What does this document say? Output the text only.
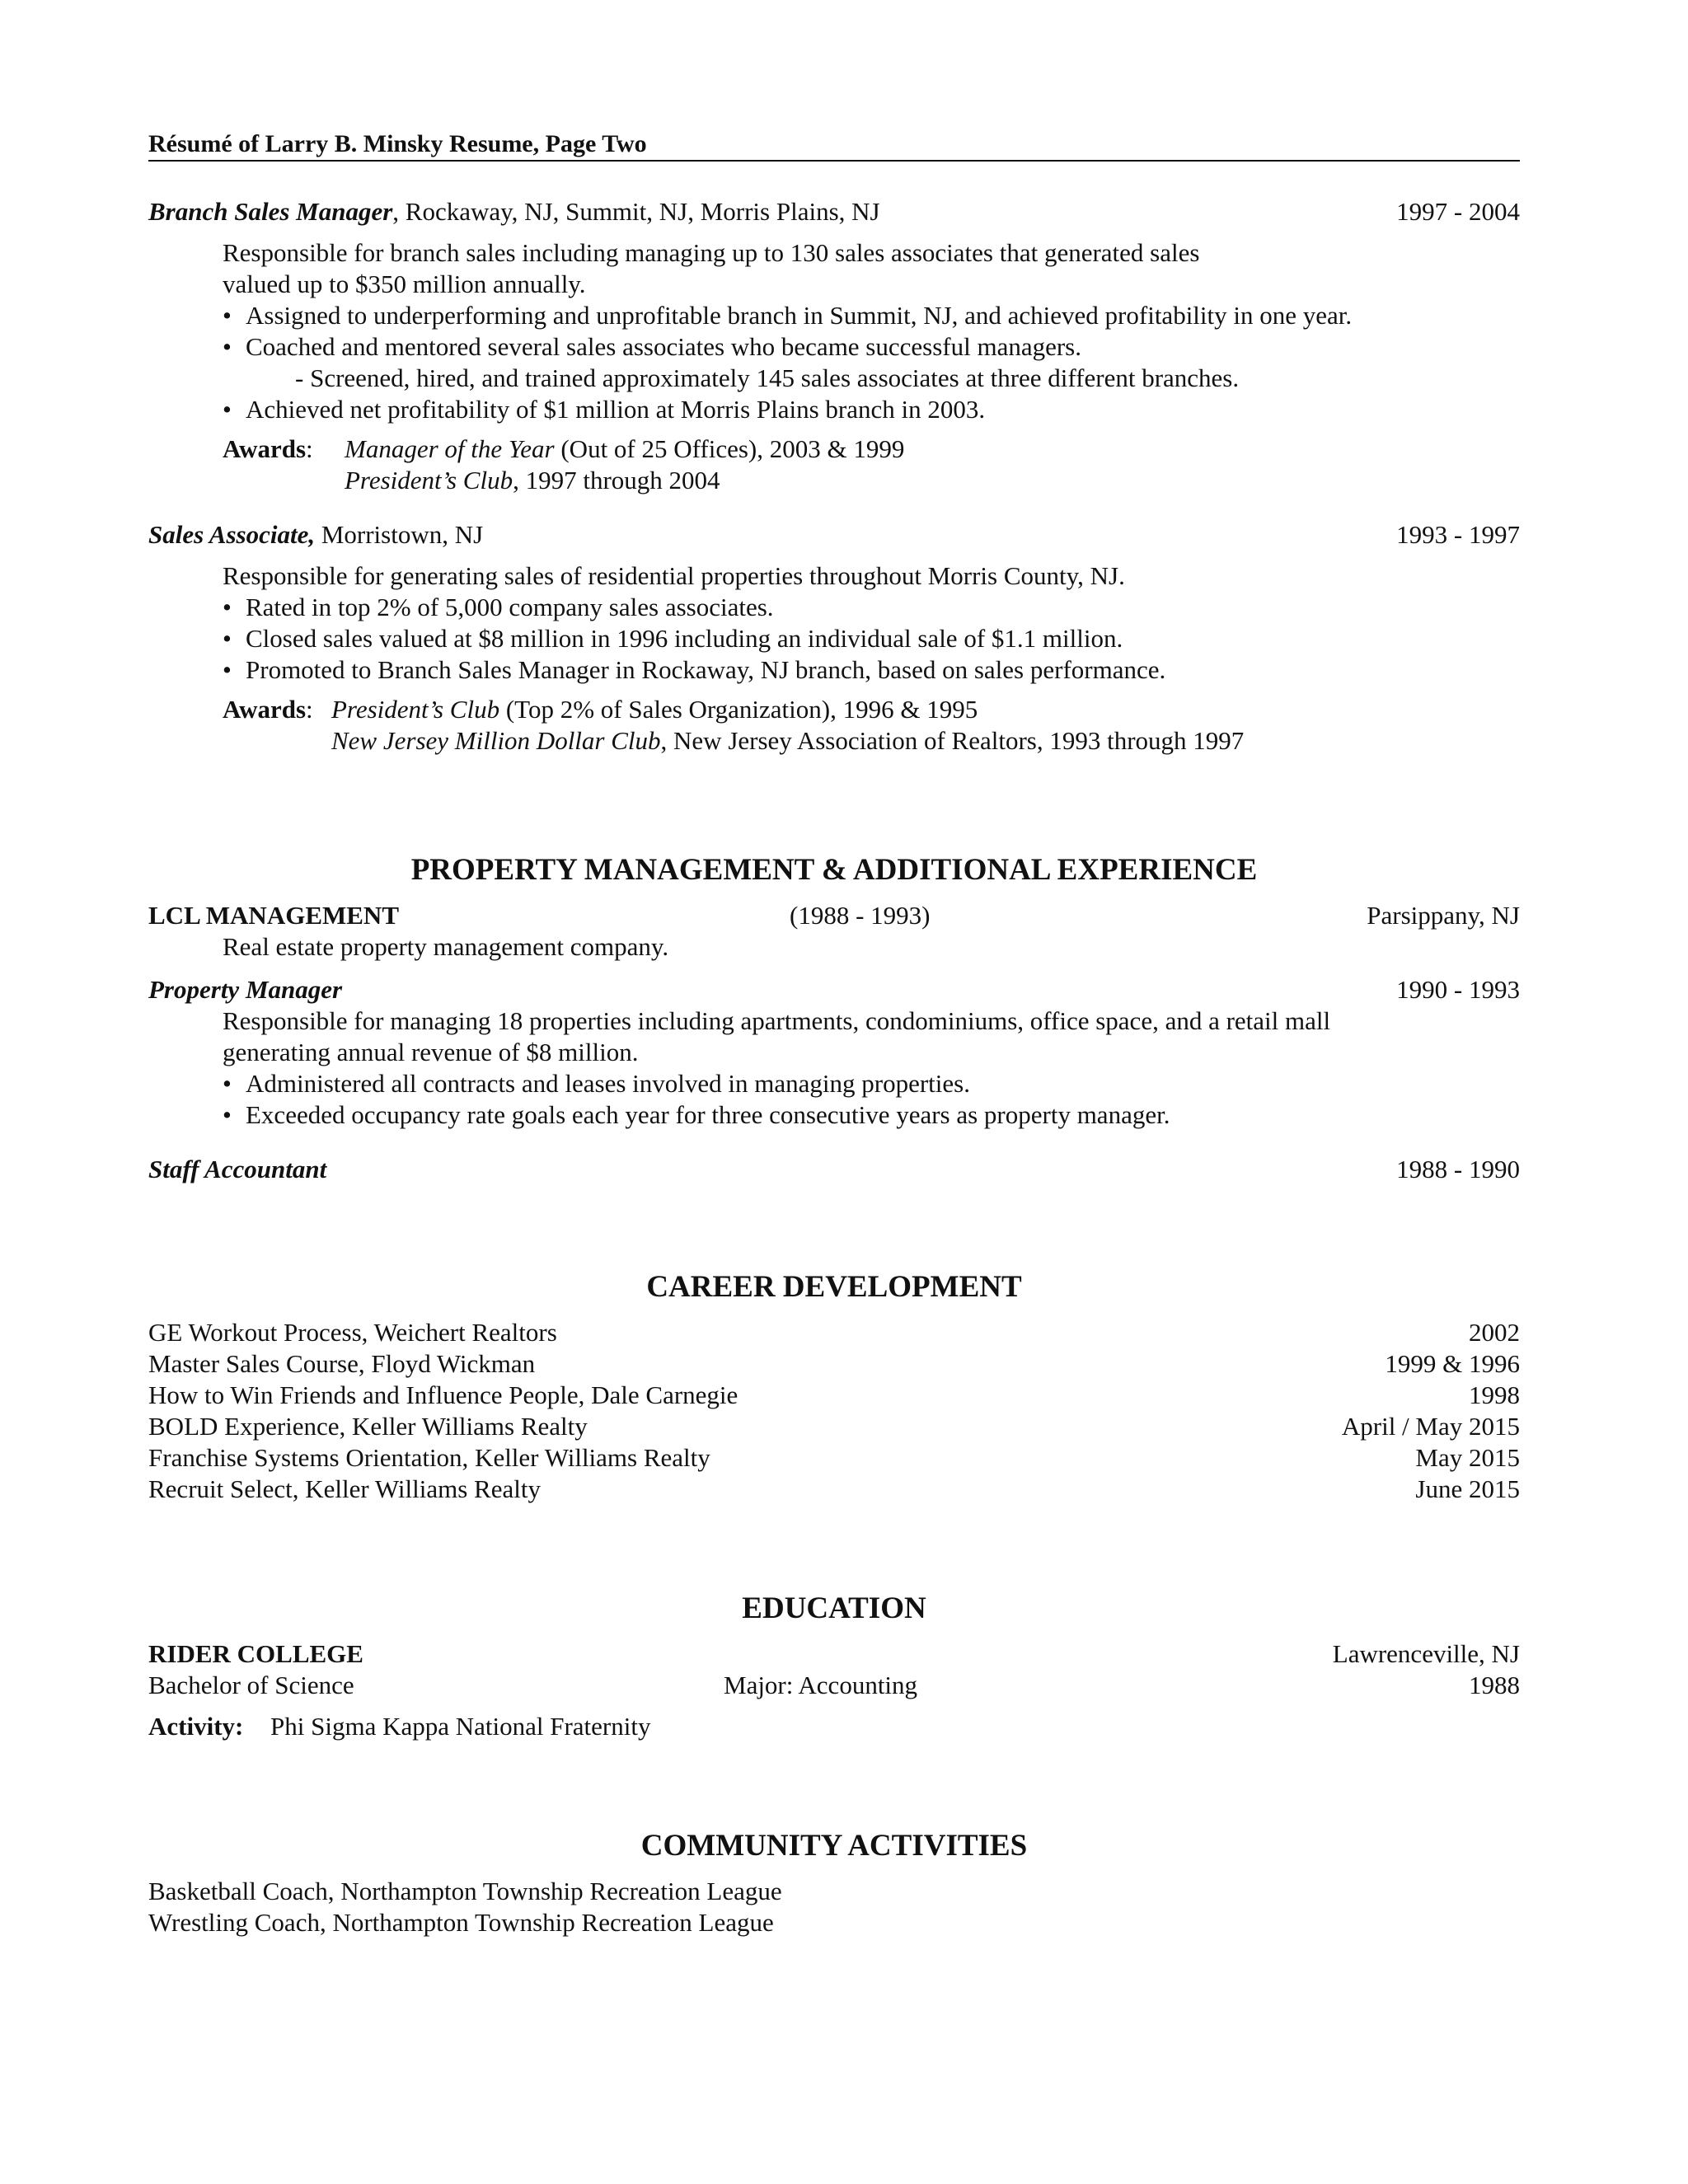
Résumé of Larry B. Minsky Resume, Page Two
Branch Sales Manager, Rockaway, NJ, Summit, NJ, Morris Plains, NJ	1997 - 2004
Responsible for branch sales including managing up to 130 sales associates that generated sales
valued up to $350 million annually.
• Assigned to underperforming and unprofitable branch in Summit, NJ, and achieved profitability in one year.
• Coached and mentored several sales associates who became successful managers.
- Screened, hired, and trained approximately 145 sales associates at three different branches.
• Achieved net profitability of $1 million at Morris Plains branch in 2003.
Awards: Manager of the Year (Out of 25 Offices), 2003 & 1999
President’s Club, 1997 through 2004
Sales Associate, Morristown, NJ	1993 - 1997
Responsible for generating sales of residential properties throughout Morris County, NJ.
• Rated in top 2% of 5,000 company sales associates.
• Closed sales valued at $8 million in 1996 including an individual sale of $1.1 million.
• Promoted to Branch Sales Manager in Rockaway, NJ branch, based on sales performance.
Awards: President’s Club (Top 2% of Sales Organization), 1996 & 1995
New Jersey Million Dollar Club, New Jersey Association of Realtors, 1993 through 1997
PROPERTY MANAGEMENT & ADDITIONAL EXPERIENCE
LCL MANAGEMENT	(1988 - 1993)	Parsippany, NJ
Real estate property management company.
Property Manager	1990 - 1993
Responsible for managing 18 properties including apartments, condominiums, office space, and a retail mall
generating annual revenue of $8 million.
• Administered all contracts and leases involved in managing properties.
• Exceeded occupancy rate goals each year for three consecutive years as property manager.
Staff Accountant	1988 - 1990
CAREER DEVELOPMENT
GE Workout Process, Weichert Realtors	2002
Master Sales Course, Floyd Wickman	1999 & 1996
How to Win Friends and Influence People, Dale Carnegie	1998
BOLD Experience, Keller Williams Realty	April / May 2015
Franchise Systems Orientation, Keller Williams Realty	May 2015
Recruit Select, Keller Williams Realty	June 2015
EDUCATION
RIDER COLLEGE	Lawrenceville, NJ
Bachelor of Science	Major: Accounting	1988
Activity: Phi Sigma Kappa National Fraternity
COMMUNITY ACTIVITIES
Basketball Coach, Northampton Township Recreation League
Wrestling Coach, Northampton Township Recreation League
